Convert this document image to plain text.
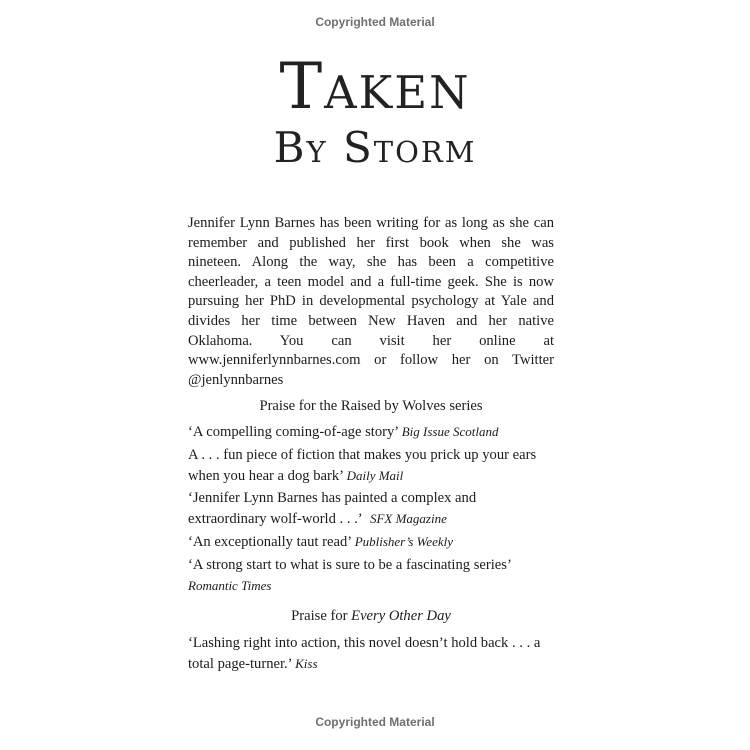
Copyrighted Material
Taken
By Storm

Jennifer Lynn Barnes has been writing for as long as she can remember and published her first book when she was nineteen. Along the way, she has been a competitive cheerleader, a teen model and a full-time geek. She is now pursuing her PhD in developmental psychology at Yale and divides her time between New Haven and her native Oklahoma. You can visit her online at www.jenniferlynnbarnes.com or follow her on Twitter @jenlynnbarnes

Praise for the Raised by Wolves series

‘A compelling coming-of-age story’ Big Issue Scotland

A . . . fun piece of fiction that makes you prick up your ears when you hear a dog bark’ Daily Mail

‘Jennifer Lynn Barnes has painted a complex and extraordinary wolf-world . . .’ SFX Magazine

‘An exceptionally taut read’ Publisher’s Weekly

‘A strong start to what is sure to be a fascinating series’ Romantic Times

Praise for Every Other Day

‘Lashing right into action, this novel doesn’t hold back . . . a total page-turner.’ Kiss

Copyrighted Material
